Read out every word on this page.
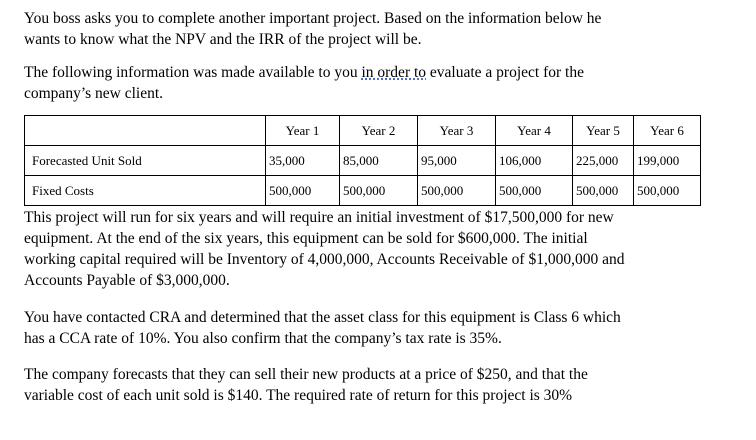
You boss asks you to complete another important project. Based on the information below he
wants to know what the NPV and the IRR of the project will be.

The following information was made available to you in order to evaluate a project for the
company’s new client.

	Year 1	Year 2	Year 3	Year 4	Year 5	Year 6
Forecasted Unit Sold	35,000	85,000	95,000	106,000	225,000	199,000
Fixed Costs	500,000	500,000	500,000	500,000	500,000	500,000

This project will run for six years and will require an initial investment of $17,500,000 for new
equipment. At the end of the six years, this equipment can be sold for $600,000. The initial
working capital required will be Inventory of 4,000,000, Accounts Receivable of $1,000,000 and
Accounts Payable of $3,000,000.

You have contacted CRA and determined that the asset class for this equipment is Class 6 which
has a CCA rate of 10%. You also confirm that the company’s tax rate is 35%.

The company forecasts that they can sell their new products at a price of $250, and that the
variable cost of each unit sold is $140. The required rate of return for this project is 30%
